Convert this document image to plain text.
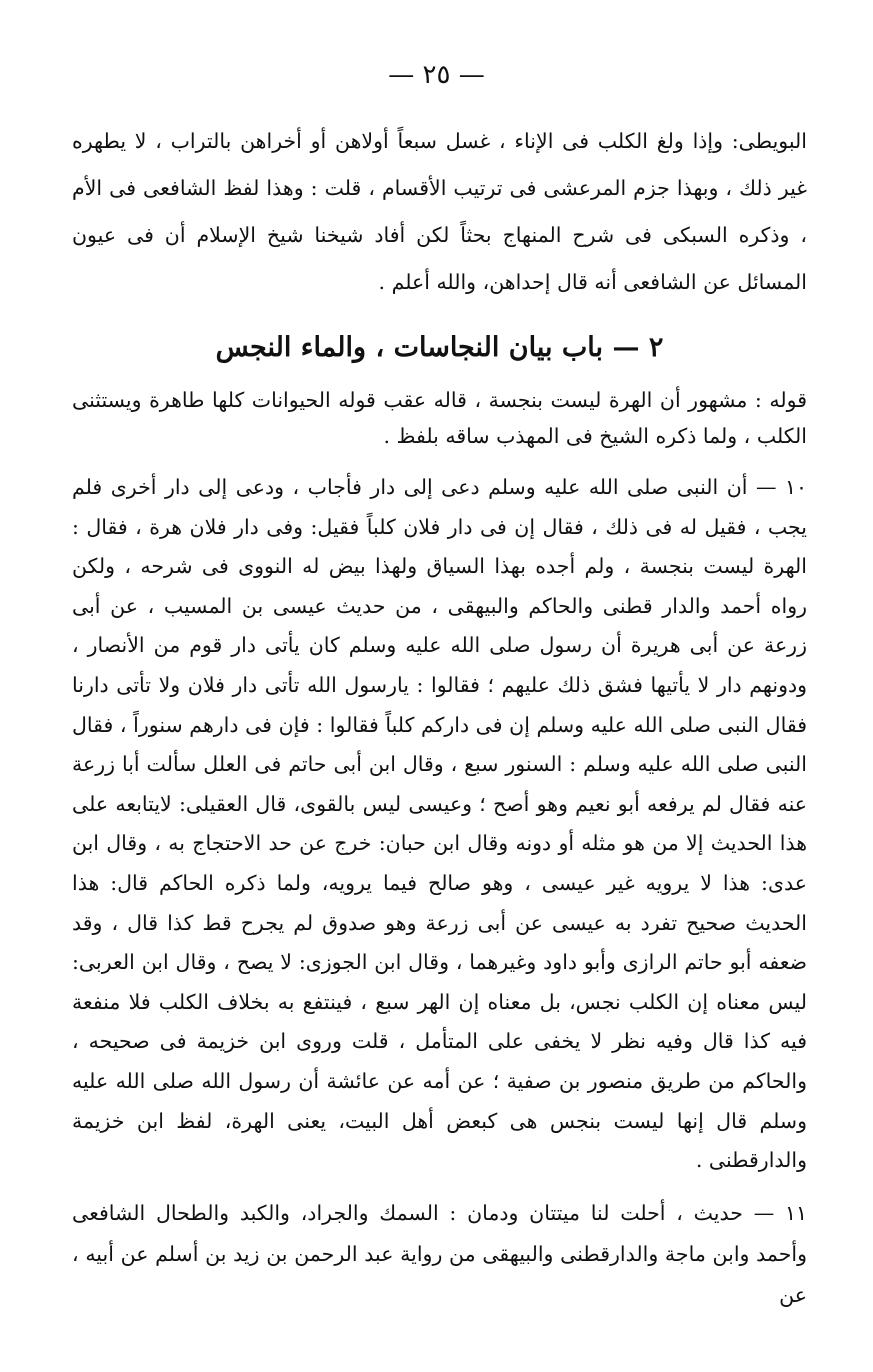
— ٢٥ —

البويطى: وإذا ولغ الكلب فى الإناء ، غسل سبعاً أولاهن أو أخراهن بالتراب ، لا يطهره غير ذلك ، وبهذا جزم المرعشى فى ترتيب الأقسام ، قلت : وهذا لفظ الشافعى فى الأم ، وذكره السبكى فى شرح المنهاج بحثاً لكن أفاد شيخنا شيخ الإسلام أن فى عيون المسائل عن الشافعى أنه قال إحداهن، والله أعلم .

٢ — باب بيان النجاسات ، والماء النجس

قوله : مشهور أن الهرة ليست بنجسة ، قاله عقب قوله الحيوانات كلها طاهرة ويستثنى الكلب ، ولما ذكره الشيخ فى المهذب ساقه بلفظ .

١٠ — أن النبى صلى الله عليه وسلم دعى إلى دار فأجاب ، ودعى إلى دار أخرى فلم يجب ، فقيل له فى ذلك ، فقال إن فى دار فلان كلباً فقيل: وفى دار فلان هرة ، فقال : الهرة ليست بنجسة ، ولم أجده بهذا السياق ولهذا بيض له النووى فى شرحه ، ولكن رواه أحمد والدار قطنى والحاكم والبيهقى ، من حديث عيسى بن المسيب ، عن أبى زرعة عن أبى هريرة أن رسول صلى الله عليه وسلم كان يأتى دار قوم من الأنصار ، ودونهم دار لا يأتيها فشق ذلك عليهم ؛ فقالوا : يارسول الله تأتى دار فلان ولا تأتى دارنا فقال النبى صلى الله عليه وسلم إن فى داركم كلباً فقالوا : فإن فى دارهم سنوراً ، فقال النبى صلى الله عليه وسلم : السنور سبع ، وقال ابن أبى حاتم فى العلل سألت أبا زرعة عنه فقال لم يرفعه أبو نعيم وهو أصح ؛ وعيسى ليس بالقوى، قال العقيلى: لايتابعه على هذا الحديث إلا من هو مثله أو دونه وقال ابن حبان: خرج عن حد الاحتجاج به ، وقال ابن عدى: هذا لا يرويه غير عيسى ، وهو صالح فيما يرويه، ولما ذكره الحاكم قال: هذا الحديث صحيح تفرد به عيسى عن أبى زرعة وهو صدوق لم يجرح قط كذا قال ، وقد ضعفه أبو حاتم الرازى وأبو داود وغيرهما ، وقال ابن الجوزى: لا يصح ، وقال ابن العربى: ليس معناه إن الكلب نجس، بل معناه إن الهر سبع ، فينتفع به بخلاف الكلب فلا منفعة فيه كذا قال وفيه نظر لا يخفى على المتأمل ، قلت وروى ابن خزيمة فى صحيحه ، والحاكم من طريق منصور بن صفية ؛ عن أمه عن عائشة أن رسول الله صلى الله عليه وسلم قال إنها ليست بنجس هى كبعض أهل البيت، يعنى الهرة، لفظ ابن خزيمة والدارقطنى .

١١ — حديث ، أحلت لنا ميتتان ودمان : السمك والجراد، والكبد والطحال الشافعى وأحمد وابن ماجة والدارقطنى والبيهقى من رواية عبد الرحمن بن زيد بن أسلم عن أبيه ، عن
